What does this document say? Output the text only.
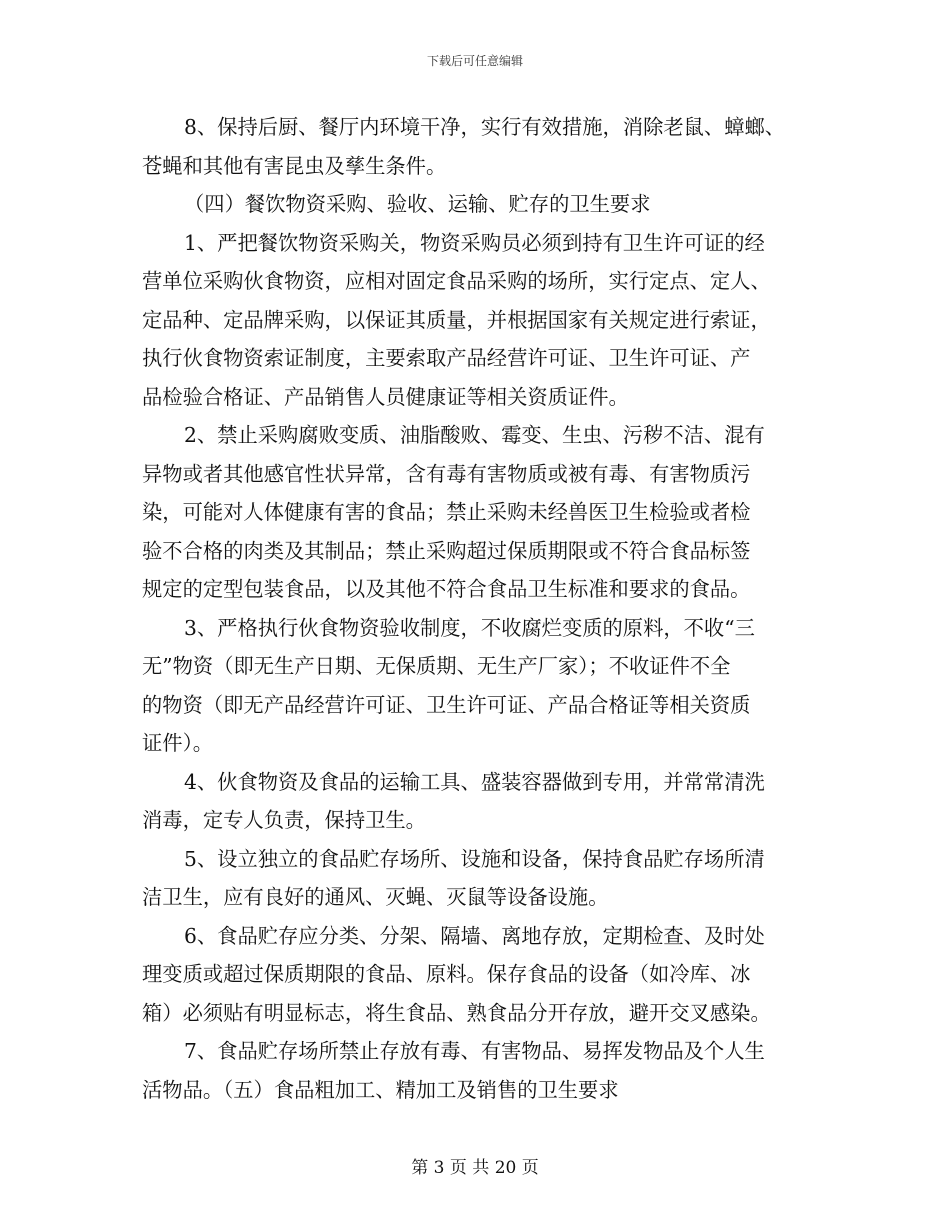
下载后可任意编辑
8、保持后厨、餐厅内环境干净，实行有效措施，消除老鼠、蟑螂、
苍蝇和其他有害昆虫及孳生条件。
（四）餐饮物资采购、验收、运输、贮存的卫生要求
1、严把餐饮物资采购关，物资采购员必须到持有卫生许可证的经
营单位采购伙食物资，应相对固定食品采购的场所，实行定点、定人、
定品种、定品牌采购，以保证其质量，并根据国家有关规定进行索证，
执行伙食物资索证制度，主要索取产品经营许可证、卫生许可证、产
品检验合格证、产品销售人员健康证等相关资质证件。
2、禁止采购腐败变质、油脂酸败、霉变、生虫、污秽不洁、混有
异物或者其他感官性状异常，含有毒有害物质或被有毒、有害物质污
染，可能对人体健康有害的食品；禁止采购未经兽医卫生检验或者检
验不合格的肉类及其制品；禁止采购超过保质期限或不符合食品标签
规定的定型包装食品，以及其他不符合食品卫生标准和要求的食品。
3、严格执行伙食物资验收制度，不收腐烂变质的原料，不收“三
无”物资（即无生产日期、无保质期、无生产厂家）；不收证件不全
的物资（即无产品经营许可证、卫生许可证、产品合格证等相关资质
证件）。
4、伙食物资及食品的运输工具、盛装容器做到专用，并常常清洗
消毒，定专人负责，保持卫生。
5、设立独立的食品贮存场所、设施和设备，保持食品贮存场所清
洁卫生，应有良好的通风、灭蝇、灭鼠等设备设施。
6、食品贮存应分类、分架、隔墙、离地存放，定期检查、及时处
理变质或超过保质期限的食品、原料。保存食品的设备（如冷库、冰
箱）必须贴有明显标志，将生食品、熟食品分开存放，避开交叉感染。
7、食品贮存场所禁止存放有毒、有害物品、易挥发物品及个人生
活物品。（五）食品粗加工、精加工及销售的卫生要求
第 3 页 共 20 页
